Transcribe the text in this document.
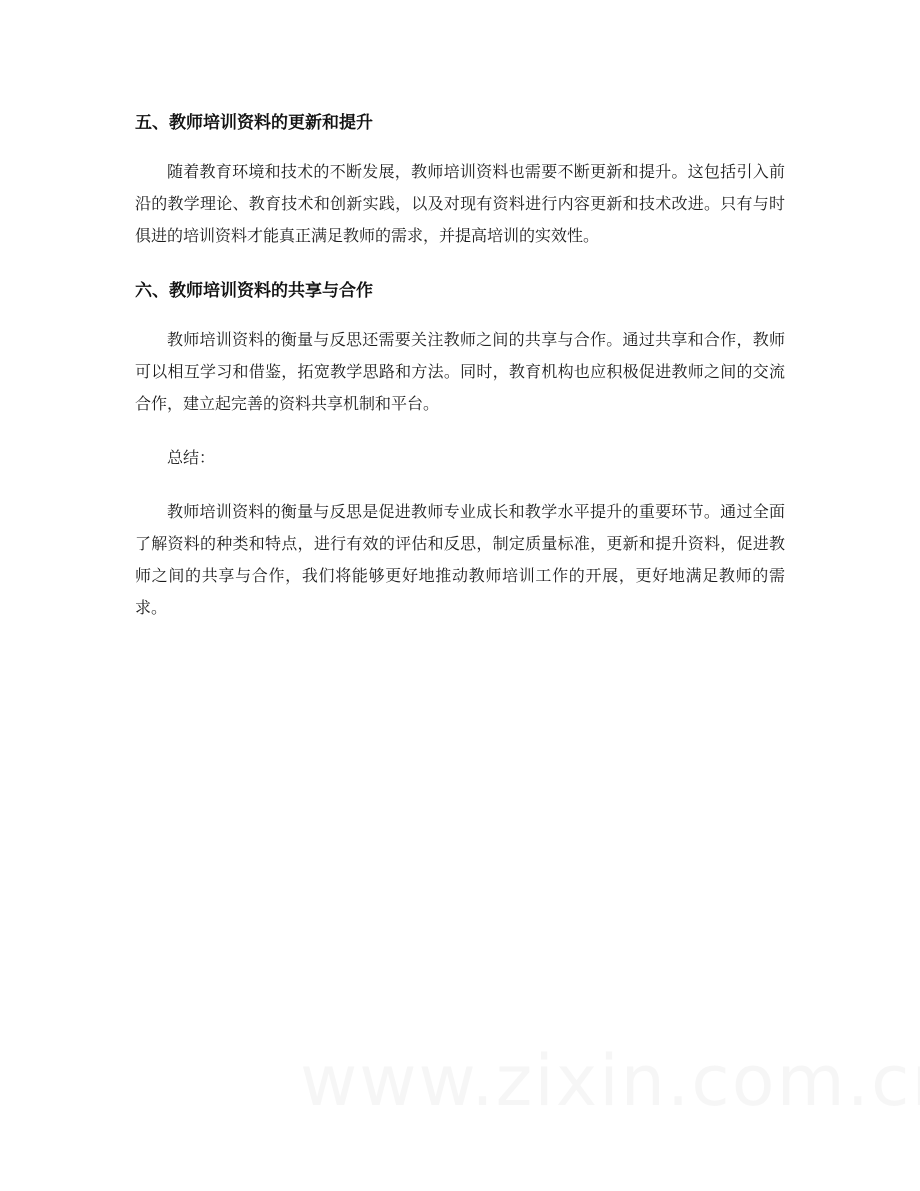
五、教师培训资料的更新和提升

随着教育环境和技术的不断发展，教师培训资料也需要不断更新和提升。这包括引入前沿的教学理论、教育技术和创新实践，以及对现有资料进行内容更新和技术改进。只有与时俱进的培训资料才能真正满足教师的需求，并提高培训的实效性。

六、教师培训资料的共享与合作

教师培训资料的衡量与反思还需要关注教师之间的共享与合作。通过共享和合作，教师可以相互学习和借鉴，拓宽教学思路和方法。同时，教育机构也应积极促进教师之间的交流合作，建立起完善的资料共享机制和平台。

总结：

教师培训资料的衡量与反思是促进教师专业成长和教学水平提升的重要环节。通过全面了解资料的种类和特点，进行有效的评估和反思，制定质量标准，更新和提升资料，促进教师之间的共享与合作，我们将能够更好地推动教师培训工作的开展，更好地满足教师的需求。
